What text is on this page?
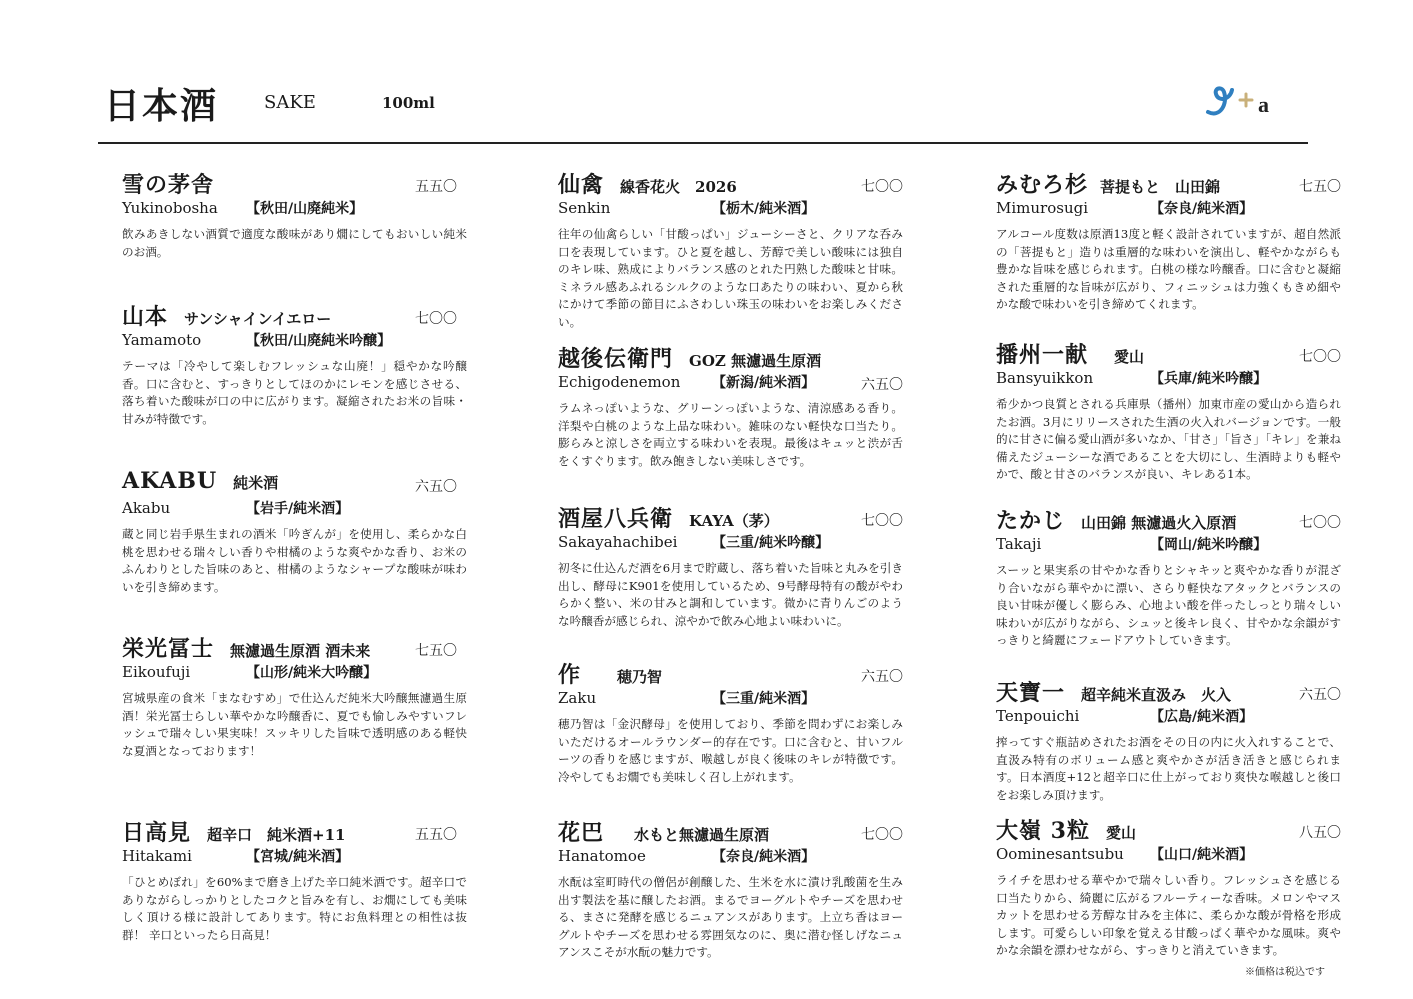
日本酒	SAKE	100ml	a
雪の茅舎	五五〇
Yukinobosha 【秋田/山廃純米】
飲みあきしない酒質で適度な酸味があり燗にしてもおいしい純米のお酒。
山本 サンシャインイエロー	七〇〇
Yamamoto	【秋田/山廃純米吟醸】
テーマは「冷やして楽しむフレッシュな山廃！」穏やかな吟醸香。口に含むと、すっきりとしてほのかにレモンを感じさせる、落ち着いた酸味が口の中に広がります。凝縮されたお米の旨味・甘みが特徴です。
AKABU 純米酒	六五〇
Akabu	【岩手/純米酒】
蔵と同じ岩手県生まれの酒米「吟ぎんが」を使用し、柔らかな白桃を思わせる瑞々しい香りや柑橘のような爽やかな香り、お米のふんわりとした旨味のあと、柑橘のようなシャープな酸味が味わいを引き締めます。
栄光冨士 無濾過生原酒 酒未来	七五〇
Eikoufuji	【山形/純米大吟醸】
宮城県産の食米「まなむすめ」で仕込んだ純米大吟醸無濾過生原酒！栄光冨士らしい華やかな吟醸香に、夏でも愉しみやすいフレッシュで瑞々しい果実味！スッキリした旨味で透明感のある軽快な夏酒となっております！
日高見 超辛口　純米酒+11	五五〇
Hitakami	【宮城/純米酒】
「ひとめぼれ」を60%まで磨き上げた辛口純米酒です。超辛口でありながらしっかりとしたコクと旨みを有し、お燗にしても美味しく頂ける様に設計してあります。特にお魚料理との相性は抜群！ 辛口といったら日高見！
仙禽 線香花火　2026	七〇〇
Senkin	【栃木/純米酒】
往年の仙禽らしい「甘酸っぱい」ジューシーさと、クリアな呑み口を表現しています。ひと夏を越し、芳醇で美しい酸味には独自のキレ味、熟成によりバランス感のとれた円熟した酸味と甘味。ミネラル感あふれるシルクのような口あたりの味わい、夏から秋にかけて季節の節目にふさわしい珠玉の味わいをお楽しみください。
越後伝衛門 GOZ 無濾過生原酒
Echigodenemon 【新潟/純米酒】	六五〇
ラムネっぽいような、グリーンっぽいような、清涼感ある香り。洋梨や白桃のような上品な味わい。雑味のない軽快な口当たり。膨らみと涼しさを両立する味わいを表現。最後はキュッと渋が舌をくすぐります。飲み飽きしない美味しさです。
酒屋八兵衛 KAYA（茅）	七〇〇
Sakayahachibei 【三重/純米吟醸】
初冬に仕込んだ酒を6月まで貯蔵し、落ち着いた旨味と丸みを引き出し、酵母にK901を使用しているため、9号酵母特有の酸がやわらかく整い、米の甘みと調和しています。微かに青りんごのような吟醸香が感じられ、涼やかで飲み心地よい味わいに。
作 穂乃智	六五〇
Zaku	【三重/純米酒】
穂乃智は「金沢酵母」を使用しており、季節を問わずにお楽しみいただけるオールラウンダー的存在です。口に含むと、甘いフルーツの香りを感じますが、喉越しが良く後味のキレが特徴です。冷やしてもお燗でも美味しく召し上がれます。
花巴 水もと無濾過生原酒	七〇〇
Hanatomoe	【奈良/純米酒】
水酛は室町時代の僧侶が創醸した、生米を水に漬け乳酸菌を生み出す製法を基に醸したお酒。まるでヨーグルトやチーズを思わせる、まさに発酵を感じるニュアンスがあります。上立ち香はヨーグルトやチーズを思わせる雰囲気なのに、奥に潜む怪しげなニュアンスこそが水酛の魅力です。
みむろ杉 菩提もと　山田錦	七五〇
Mimurosugi	【奈良/純米酒】
アルコール度数は原酒13度と軽く設計されていますが、超自然派の「菩提もと」造りは重層的な味わいを演出し、軽やかながらも豊かな旨味を感じられます。白桃の様な吟醸香。口に含むと凝縮された重層的な旨味が広がり、フィニッシュは力強くもきめ細やかな酸で味わいを引き締めてくれます。
播州一献 愛山	七〇〇
Bansyuikkon	【兵庫/純米吟醸】
希少かつ良質とされる兵庫県（播州）加東市産の愛山から造られたお酒。3月にリリースされた生酒の火入れバージョンです。一般的に甘さに偏る愛山酒が多いなか、「甘さ」「旨さ」「キレ」を兼ね備えたジューシーな酒であることを大切にし、生酒時よりも軽やかで、酸と甘さのバランスが良い、キレある1本。
たかじ 山田錦 無濾過火入原酒	七〇〇
Takaji	【岡山/純米吟醸】
スーッと果実系の甘やかな香りとシャキッと爽やかな香りが混ざり合いながら華やかに漂い、さらり軽快なアタックとバランスの良い甘味が優しく膨らみ、心地よい酸を伴ったしっとり瑞々しい味わいが広がりながら、シュッと後キレ良く、甘やかな余韻がすっきりと綺麗にフェードアウトしていきます。
天寶一 超辛純米直汲み　火入	六五〇
Tenpouichi	【広島/純米酒】
搾ってすぐ瓶詰めされたお酒をその日の内に火入れすることで、直汲み特有のボリューム感と爽やかさが活き活きと感じられます。日本酒度+12と超辛口に仕上がっており爽快な喉越しと後口をお楽しみ頂けます。
大嶺 3粒 愛山	八五〇
Oominesantsubu 【山口/純米酒】
ライチを思わせる華やかで瑞々しい香り。フレッシュさを感じる口当たりから、綺麗に広がるフルーティーな香味。メロンやマスカットを思わせる芳醇な甘みを主体に、柔らかな酸が骨格を形成します。可愛らしい印象を覚える甘酸っぱく華やかな風味。爽やかな余韻を漂わせながら、すっきりと消えていきます。
※価格は税込です
